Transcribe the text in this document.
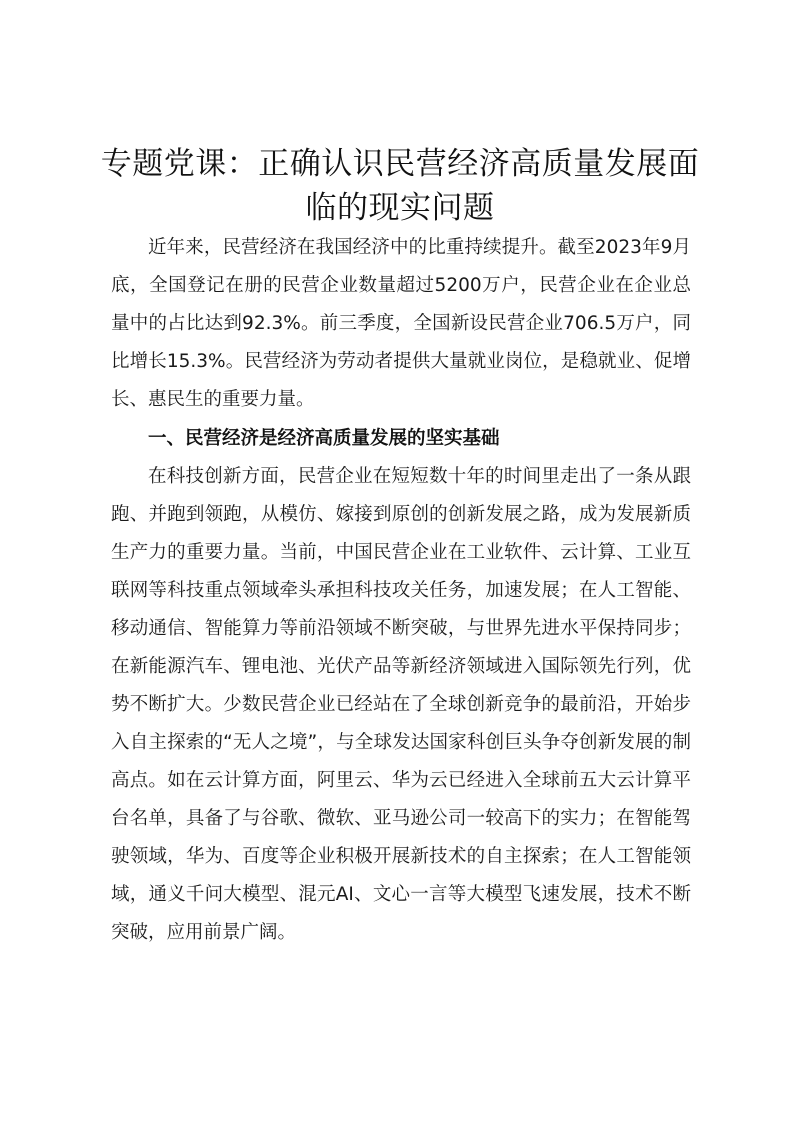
专题党课：正确认识民营经济高质量发展面临的现实问题

近年来，民营经济在我国经济中的比重持续提升。截至2023年9月底，全国登记在册的民营企业数量超过5200万户，民营企业在企业总量中的占比达到92.3%。前三季度，全国新设民营企业706.5万户，同比增长15.3%。民营经济为劳动者提供大量就业岗位，是稳就业、促增长、惠民生的重要力量。

一、民营经济是经济高质量发展的坚实基础

在科技创新方面，民营企业在短短数十年的时间里走出了一条从跟跑、并跑到领跑，从模仿、嫁接到原创的创新发展之路，成为发展新质生产力的重要力量。当前，中国民营企业在工业软件、云计算、工业互联网等科技重点领域牵头承担科技攻关任务，加速发展；在人工智能、移动通信、智能算力等前沿领域不断突破，与世界先进水平保持同步；在新能源汽车、锂电池、光伏产品等新经济领域进入国际领先行列，优势不断扩大。少数民营企业已经站在了全球创新竞争的最前沿，开始步入自主探索的“无人之境”，与全球发达国家科创巨头争夺创新发展的制高点。如在云计算方面，阿里云、华为云已经进入全球前五大云计算平台名单，具备了与谷歌、微软、亚马逊公司一较高下的实力；在智能驾驶领域，华为、百度等企业积极开展新技术的自主探索；在人工智能领域，通义千问大模型、混元AI、文心一言等大模型飞速发展，技术不断突破，应用前景广阔。
